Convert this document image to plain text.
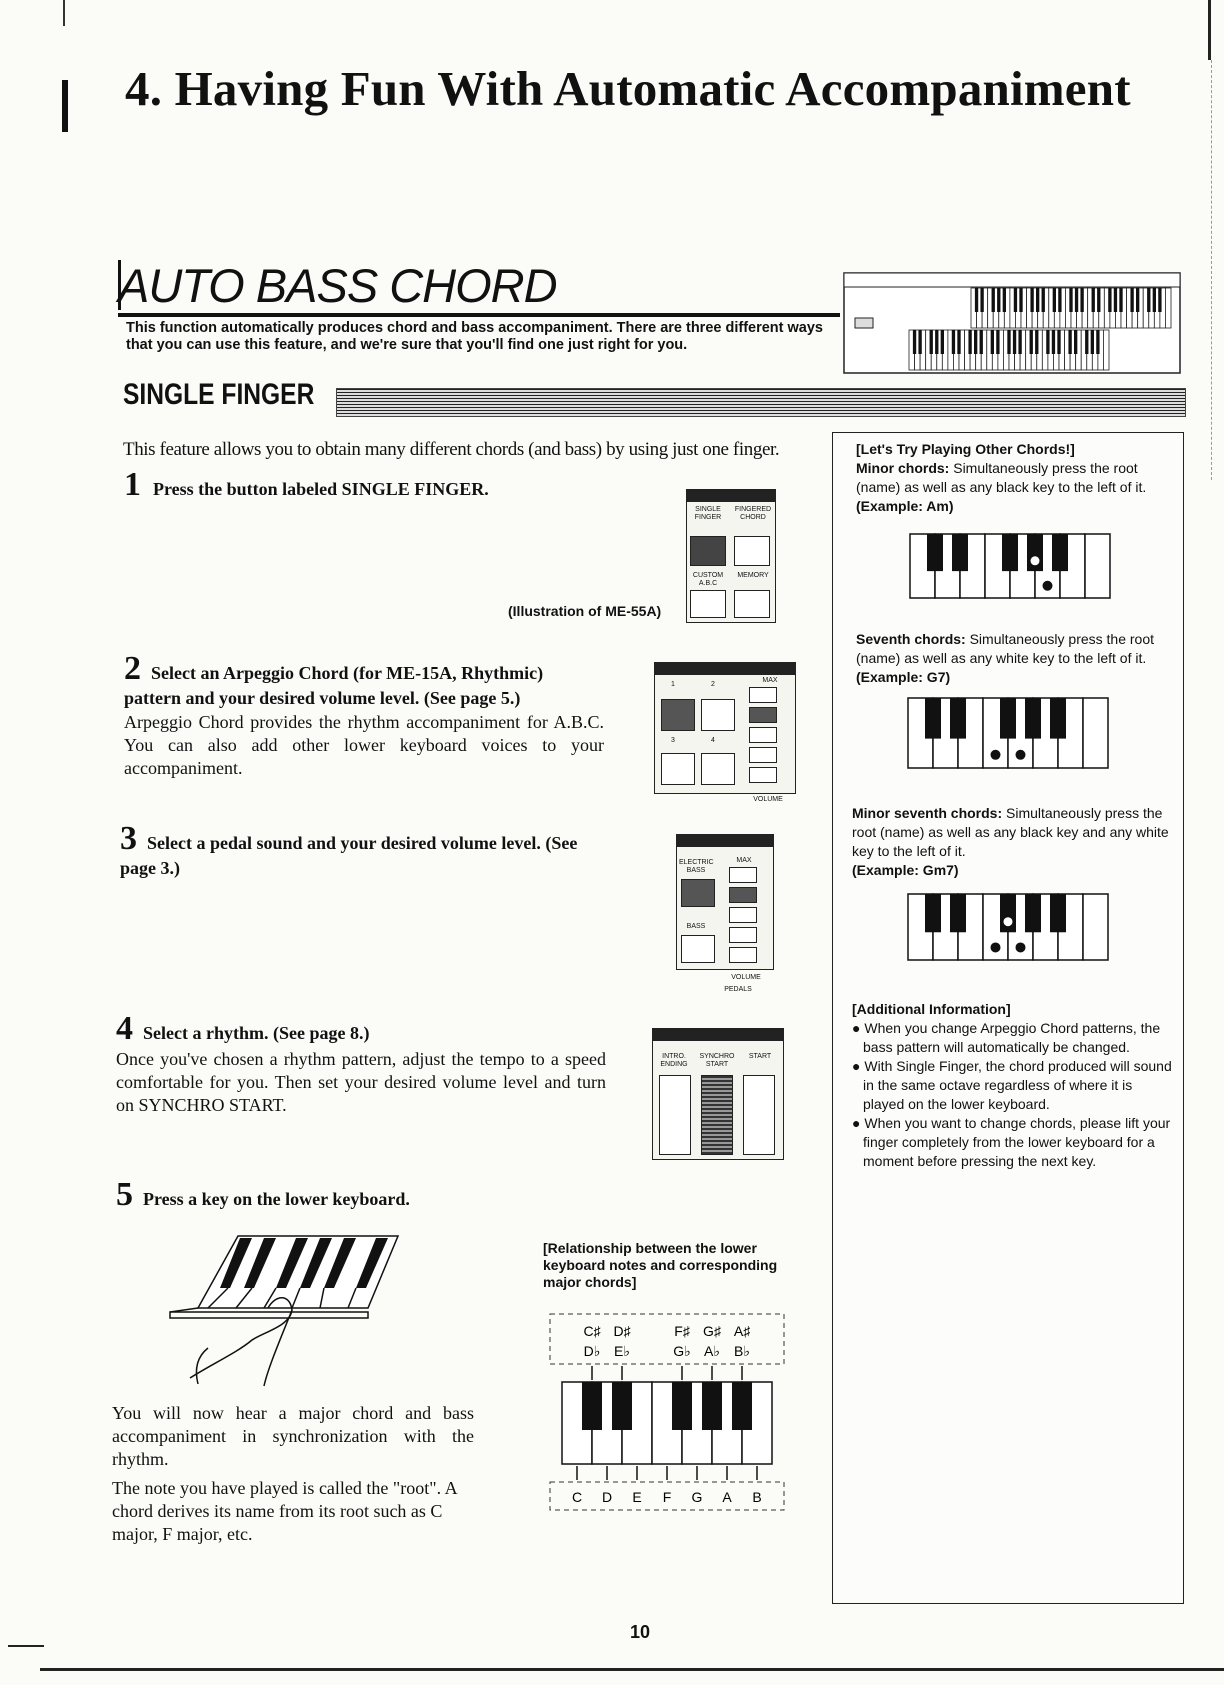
4. Having Fun With Automatic Accompaniment
AUTO BASS CHORD
This function automatically produces chord and bass accompaniment. There are three different ways that you can use this feature, and we're sure that you'll find one just right for you.
SINGLE FINGER
This feature allows you to obtain many different chords (and bass) by using just one finger.
1 Press the button labeled SINGLE FINGER.
SINGLE FINGER
FINGERED CHORD
CUSTOM A.B.C
MEMORY
(Illustration of ME-55A)
2 Select an Arpeggio Chord (for ME-15A, Rhythmic) pattern and your desired volume level. (See page 5.)
Arpeggio Chord provides the rhythm accompaniment for A.B.C. You can also add other lower keyboard voices to your accompaniment.
1	2
3	4
MAX
VOLUME
3 Select a pedal sound and your desired volume level. (See page 3.)	ELECTRIC BASS
BASS
MAX
VOLUME
PEDALS
4 Select a rhythm. (See page 8.)
Once you've chosen a rhythm pattern, adjust the tempo to a speed comfortable for you. Then set your desired volume level and turn on SYNCHRO START.
INTRO. ENDING
SYNCHRO START
START
5 Press a key on the lower keyboard.
You will now hear a major chord and bass accompaniment in synchronization with the rhythm.
The note you have played is called the "root". A chord derives its name from its root such as C major, F major, etc.
[Relationship between the lower keyboard notes and corresponding major chords]
C♯ D♯	F♯ G♯ A♯
D♭ E♭	G♭ A♭ B♭
C D E F G A B
[Let's Try Playing Other Chords!]
Minor chords: Simultaneously press the root (name) as well as any black key to the left of it.
(Example: Am)
Seventh chords: Simultaneously press the root (name) as well as any white key to the left of it.
(Example: G7)
Minor seventh chords: Simultaneously press the root (name) as well as any black key and any white key to the left of it.
(Example: Gm7)
[Additional Information]
● When you change Arpeggio Chord patterns, the bass pattern will automatically be changed.
● With Single Finger, the chord produced will sound in the same octave regardless of where it is played on the lower keyboard.
● When you want to change chords, please lift your finger completely from the lower keyboard for a moment before pressing the next key.
10
